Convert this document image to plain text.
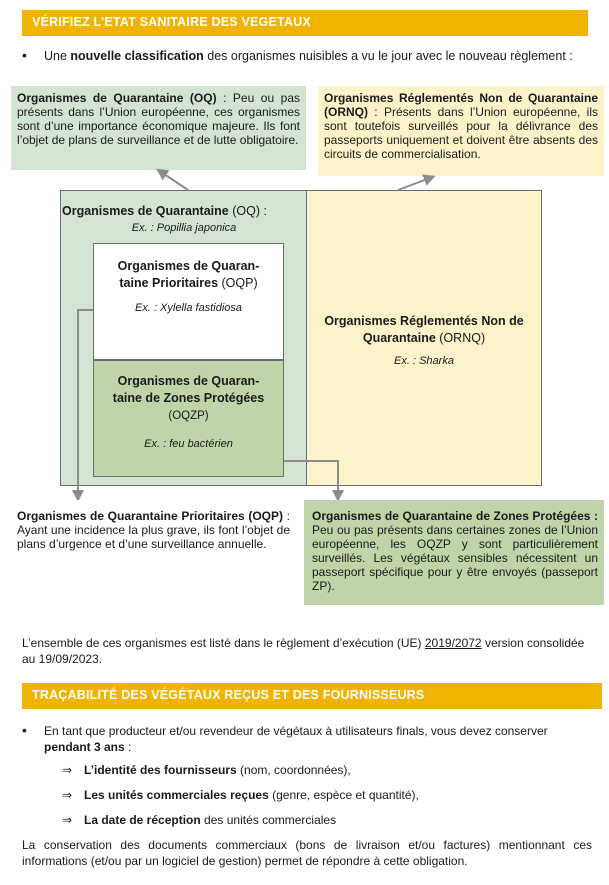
VÉRIFIEZ L’ETAT SANITAIRE DES VEGETAUX
• Une nouvelle classification des organismes nuisibles a vu le jour avec le nouveau règlement :
Organismes de Quarantaine (OQ) : Peu ou pas présents dans l’Union européenne, ces organismes sont d’une importance économique majeure. Ils font l’objet de plans de surveillance et de lutte obligatoire.
Organismes Réglementés Non de Quarantaine (ORNQ) : Présents dans l’Union européenne, ils sont toutefois surveillés pour la délivrance des passeports uniquement et doivent être absents des circuits de commercialisation.
Organismes de Quarantaine (OQ) :
Ex. : Popillia japonica
Organismes de Quaran-
taine Prioritaires (OQP)
Ex. : Xylella fastidiosa
Organismes de Quaran-
taine de Zones Protégées
(OQZP)
Ex. : feu bactérien
Organismes Réglementés Non de
Quarantaine (ORNQ)
Ex. : Sharka
Organismes de Quarantaine Prioritaires (OQP) : Ayant une incidence la plus grave, ils font l’objet de plans d’urgence et d’une surveillance annuelle.
Organismes de Quarantaine de Zones Protégées : Peu ou pas présents dans certaines zones de l’Union européenne, les OQZP y sont particulièrement surveillés. Les végétaux sensibles nécessitent un passeport spécifique pour y être envoyés (passeport ZP).
L’ensemble de ces organismes est listé dans le règlement d’exécution (UE) 2019/2072 version consolidée au 19/09/2023.
TRAÇABILITÉ DES VÉGÉTAUX REÇUS ET DES FOURNISSEURS
• En tant que producteur et/ou revendeur de végétaux à utilisateurs finals, vous devez conserver pendant 3 ans :
⇒ L’identité des fournisseurs (nom, coordonnées),
⇒ Les unités commerciales reçues (genre, espèce et quantité),
⇒ La date de réception des unités commerciales
La conservation des documents commerciaux (bons de livraison et/ou factures) mentionnant ces informations (et/ou par un logiciel de gestion) permet de répondre à cette obligation.
